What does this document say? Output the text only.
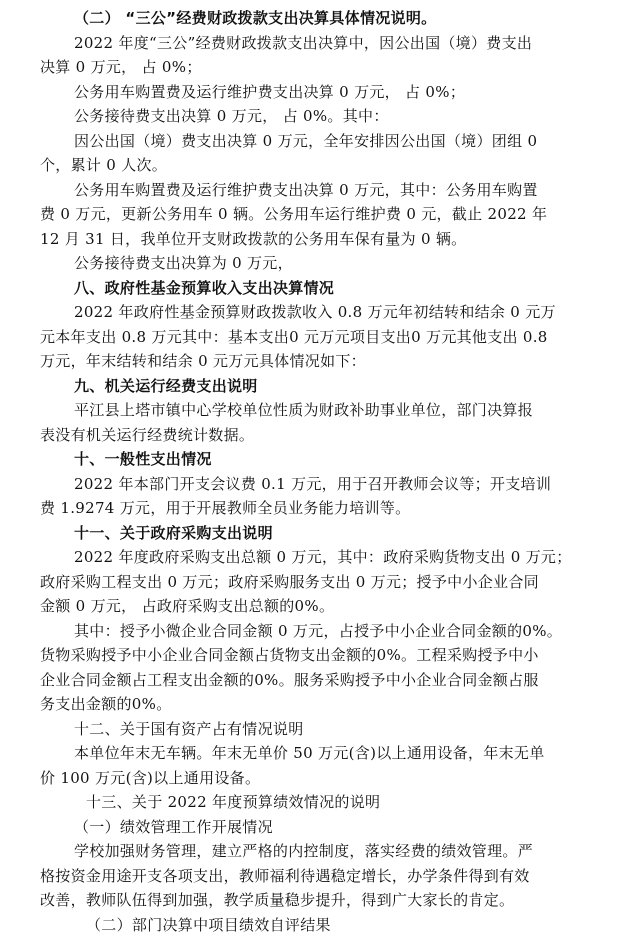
（二） “三公”经费财政拨款支出决算具体情况说明。
2022 年度“三公”经费财政拨款支出决算中，因公出国（境）费支出
决算 0 万元， 占 0%；
公务用车购置费及运行维护费支出决算 0 万元， 占 0%；
公务接待费支出决算 0 万元， 占 0%。其中：
因公出国（境）费支出决算 0 万元，全年安排因公出国（境）团组 0
个，累计 0 人次。
公务用车购置费及运行维护费支出决算 0 万元，其中：公务用车购置
费 0 万元，更新公务用车 0 辆。公务用车运行维护费 0 元，截止 2022 年
12 月 31 日，我单位开支财政拨款的公务用车保有量为 0 辆。
公务接待费支出决算为 0 万元，
八、政府性基金预算收入支出决算情况
2022 年政府性基金预算财政拨款收入 0.8 万元年初结转和结余 0 元万
元本年支出 0.8 万元其中：基本支出0 元万元项目支出0 万元其他支出 0.8
万元，年末结转和结余 0 元万元具体情况如下：
九、机关运行经费支出说明
平江县上塔市镇中心学校单位性质为财政补助事业单位，部门决算报
表没有机关运行经费统计数据。
十、一般性支出情况
2022 年本部门开支会议费 0.1 万元，用于召开教师会议等；开支培训
费 1.9274 万元，用于开展教师全员业务能力培训等。
十一、关于政府采购支出说明
2022 年度政府采购支出总额 0 万元，其中：政府采购货物支出 0 万元；
政府采购工程支出 0 万元；政府采购服务支出 0 万元；授予中小企业合同
金额 0 万元， 占政府采购支出总额的0%。
其中：授予小微企业合同金额 0 万元，占授予中小企业合同金额的0%。
货物采购授予中小企业合同金额占货物支出金额的0%。工程采购授予中小
企业合同金额占工程支出金额的0%。服务采购授予中小企业合同金额占服
务支出金额的0%。
十二、关于国有资产占有情况说明
本单位年末无车辆。年末无单价 50 万元(含)以上通用设备，年末无单
价 100 万元(含)以上通用设备。
十三、关于 2022 年度预算绩效情况的说明
（一）绩效管理工作开展情况
学校加强财务管理，建立严格的内控制度，落实经费的绩效管理。严
格按资金用途开支各项支出，教师福利待遇稳定增长，办学条件得到有效
改善，教师队伍得到加强，教学质量稳步提升，得到广大家长的肯定。
（二）部门决算中项目绩效自评结果
